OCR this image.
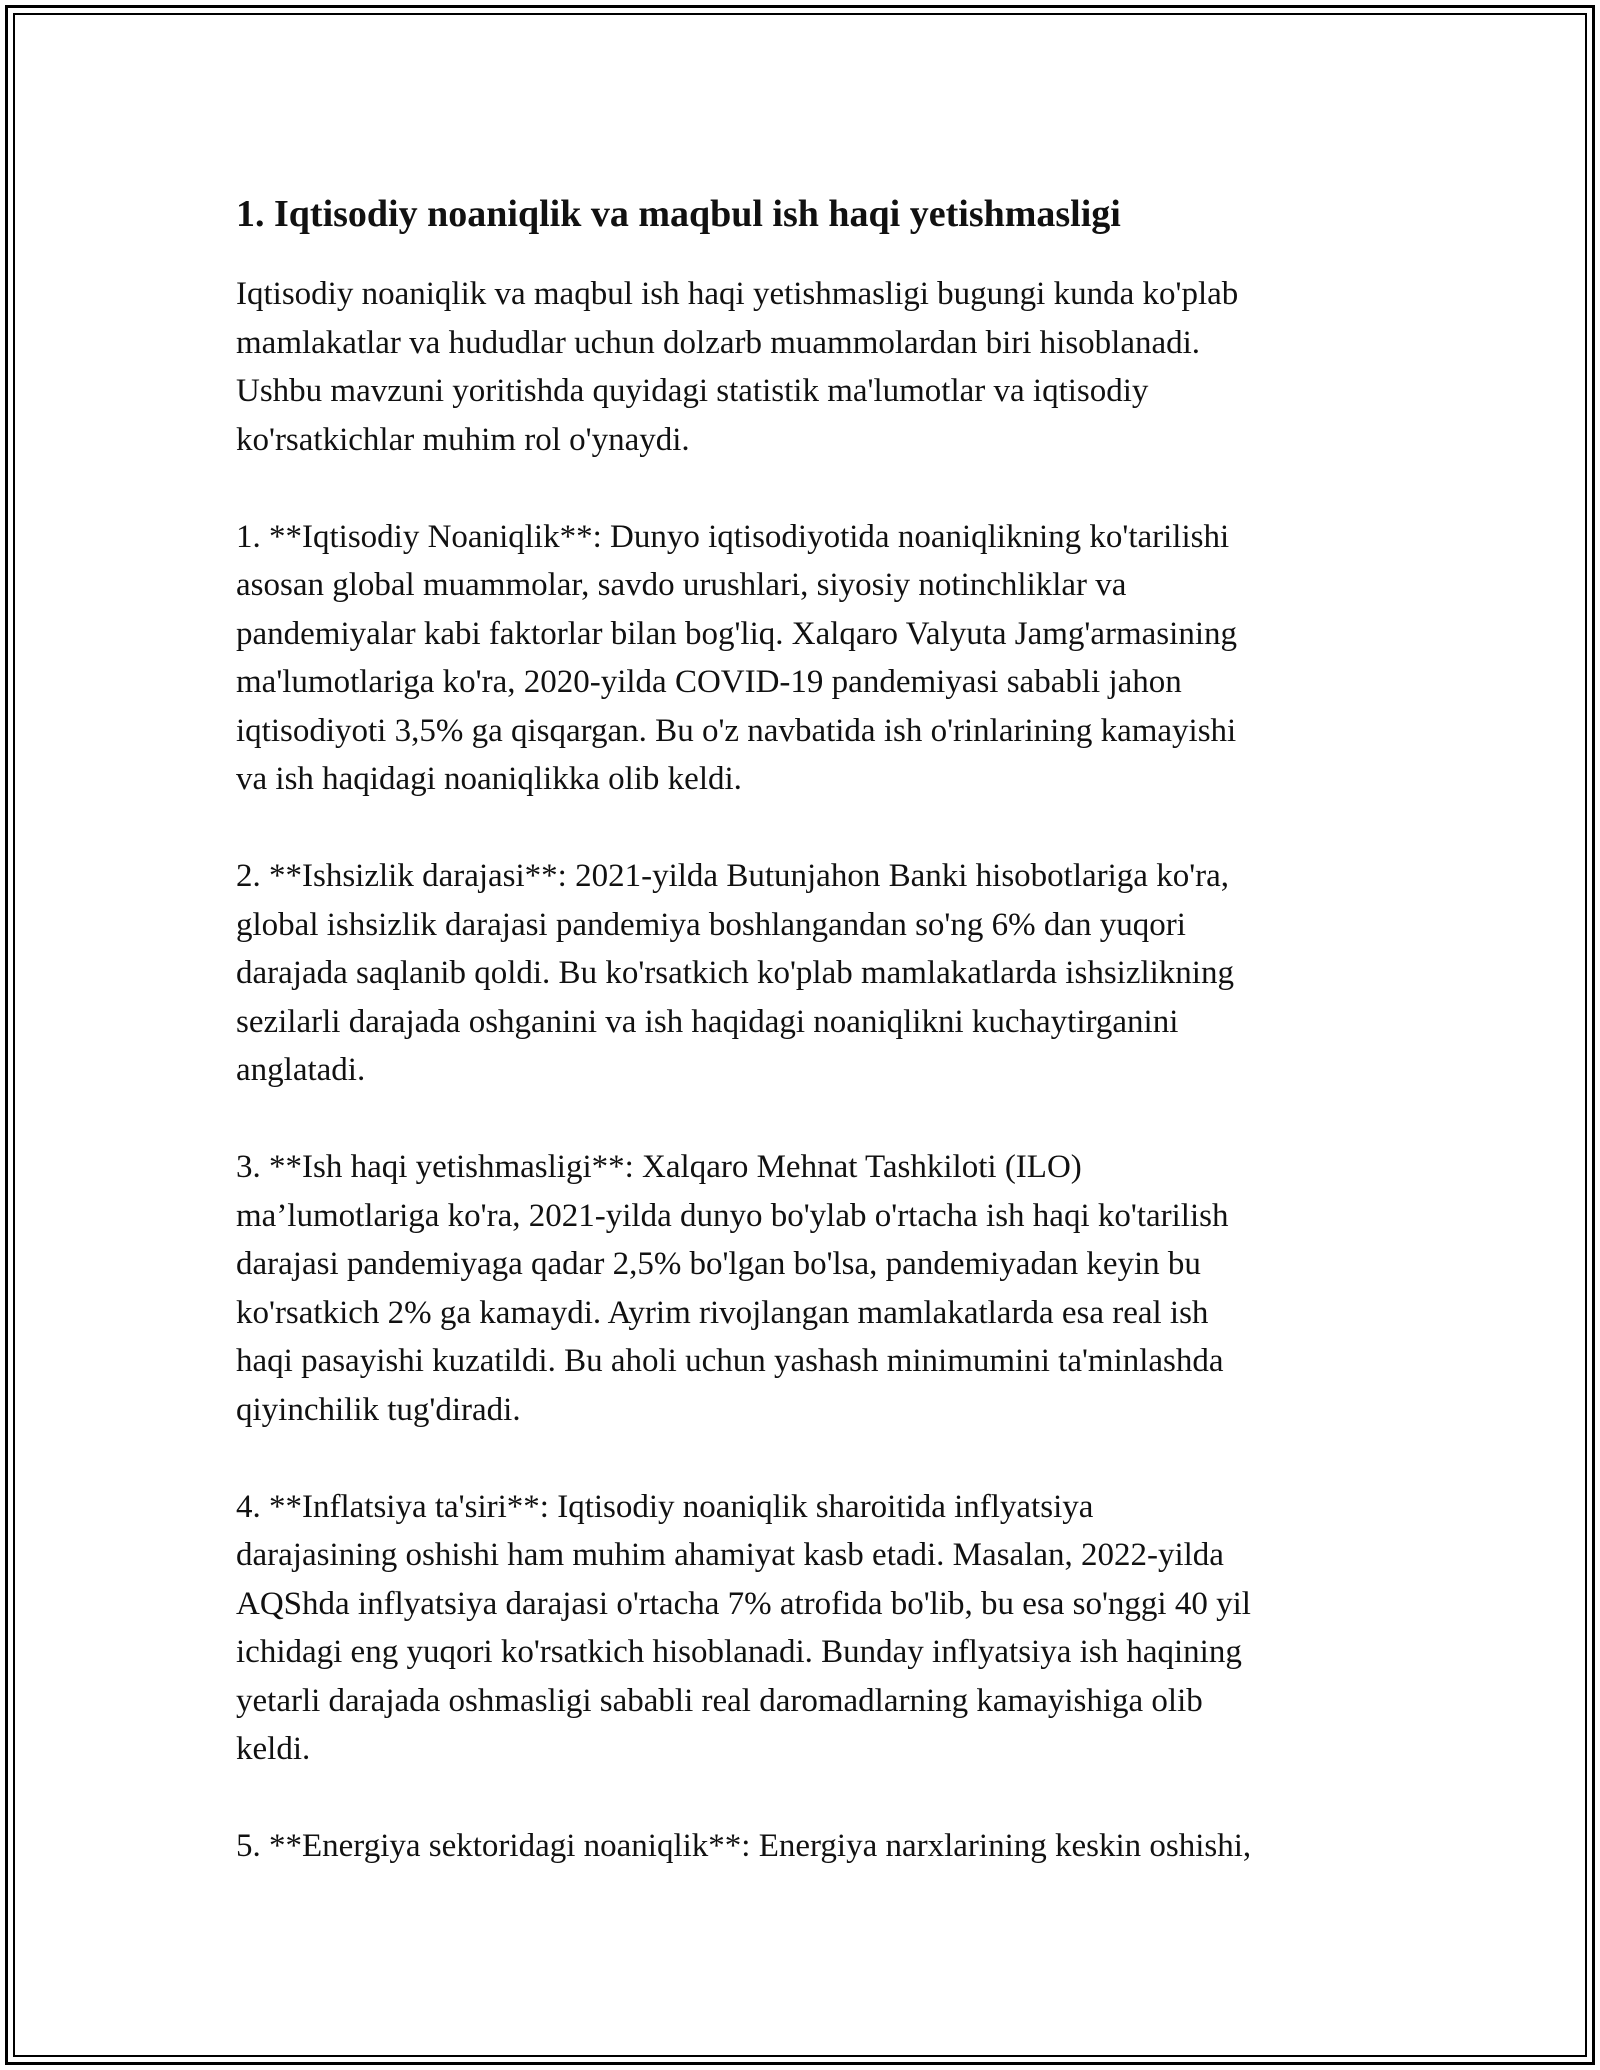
1. Iqtisodiy noaniqlik va maqbul ish haqi yetishmasligi

Iqtisodiy noaniqlik va maqbul ish haqi yetishmasligi bugungi kunda ko'plab
mamlakatlar va hududlar uchun dolzarb muammolardan biri hisoblanadi.
Ushbu mavzuni yoritishda quyidagi statistik ma'lumotlar va iqtisodiy
ko'rsatkichlar muhim rol o'ynaydi.

1. **Iqtisodiy Noaniqlik**: Dunyo iqtisodiyotida noaniqlikning ko'tarilishi
asosan global muammolar, savdo urushlari, siyosiy notinchliklar va
pandemiyalar kabi faktorlar bilan bog'liq. Xalqaro Valyuta Jamg'armasining
ma'lumotlariga ko'ra, 2020-yilda COVID-19 pandemiyasi sababli jahon
iqtisodiyoti 3,5% ga qisqargan. Bu o'z navbatida ish o'rinlarining kamayishi
va ish haqidagi noaniqlikka olib keldi.

2. **Ishsizlik darajasi**: 2021-yilda Butunjahon Banki hisobotlariga ko'ra,
global ishsizlik darajasi pandemiya boshlangandan so'ng 6% dan yuqori
darajada saqlanib qoldi. Bu ko'rsatkich ko'plab mamlakatlarda ishsizlikning
sezilarli darajada oshganini va ish haqidagi noaniqlikni kuchaytirganini
anglatadi.

3. **Ish haqi yetishmasligi**: Xalqaro Mehnat Tashkiloti (ILO)
ma’lumotlariga ko'ra, 2021-yilda dunyo bo'ylab o'rtacha ish haqi ko'tarilish
darajasi pandemiyaga qadar 2,5% bo'lgan bo'lsa, pandemiyadan keyin bu
ko'rsatkich 2% ga kamaydi. Ayrim rivojlangan mamlakatlarda esa real ish
haqi pasayishi kuzatildi. Bu aholi uchun yashash minimumini ta'minlashda
qiyinchilik tug'diradi.

4. **Inflatsiya ta'siri**: Iqtisodiy noaniqlik sharoitida inflyatsiya
darajasining oshishi ham muhim ahamiyat kasb etadi. Masalan, 2022-yilda
AQShda inflyatsiya darajasi o'rtacha 7% atrofida bo'lib, bu esa so'nggi 40 yil
ichidagi eng yuqori ko'rsatkich hisoblanadi. Bunday inflyatsiya ish haqining
yetarli darajada oshmasligi sababli real daromadlarning kamayishiga olib
keldi.

5. **Energiya sektoridagi noaniqlik**: Energiya narxlarining keskin oshishi,
